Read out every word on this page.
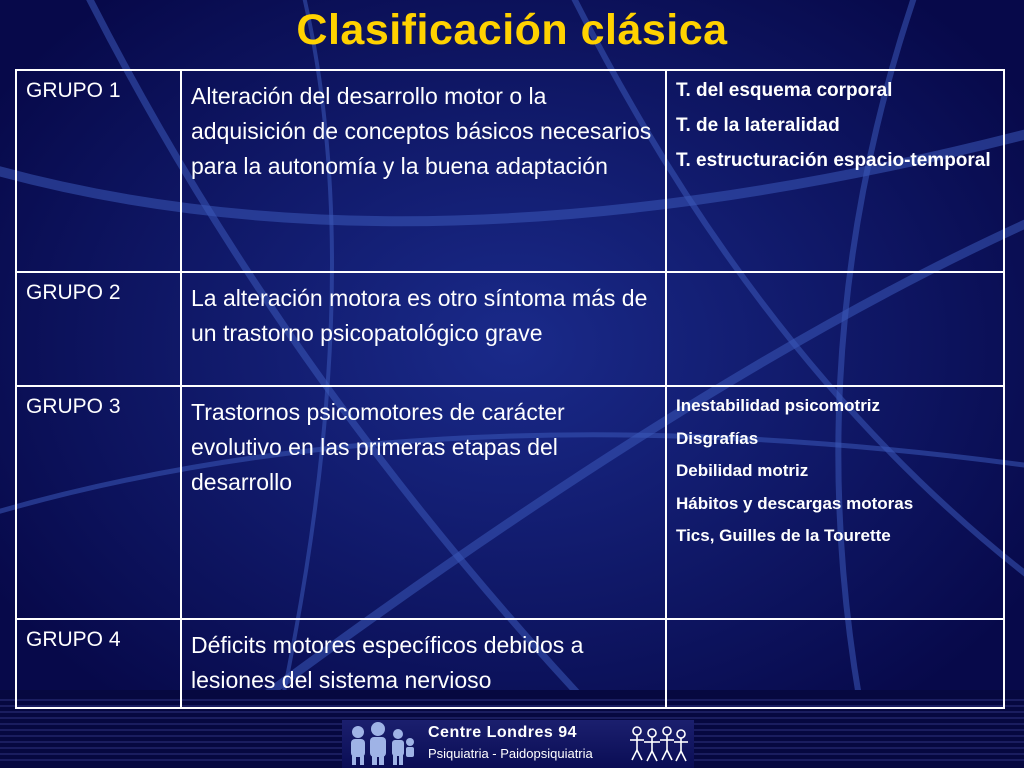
Clasificación clásica
GRUPO 1	Alteración del desarrollo motor o la adquisición de conceptos básicos necesarios para la autonomía y la buena adaptación	T. del esquema corporal
T. de la lateralidad
T. estructuración espacio-temporal

GRUPO 2	La alteración motora es otro síntoma más de un trastorno psicopatológico grave	
GRUPO 3	Trastornos psicomotores de carácter evolutivo en las primeras etapas del desarrollo	Inestabilidad psicomotriz
Disgrafías
Debilidad motriz
Hábitos y descargas motoras
Tics, Guilles de la Tourette

GRUPO 4	Déficits motores específicos debidos a lesiones del sistema nervioso	
Centre Londres 94
Psiquiatria - Paidopsiquiatria
